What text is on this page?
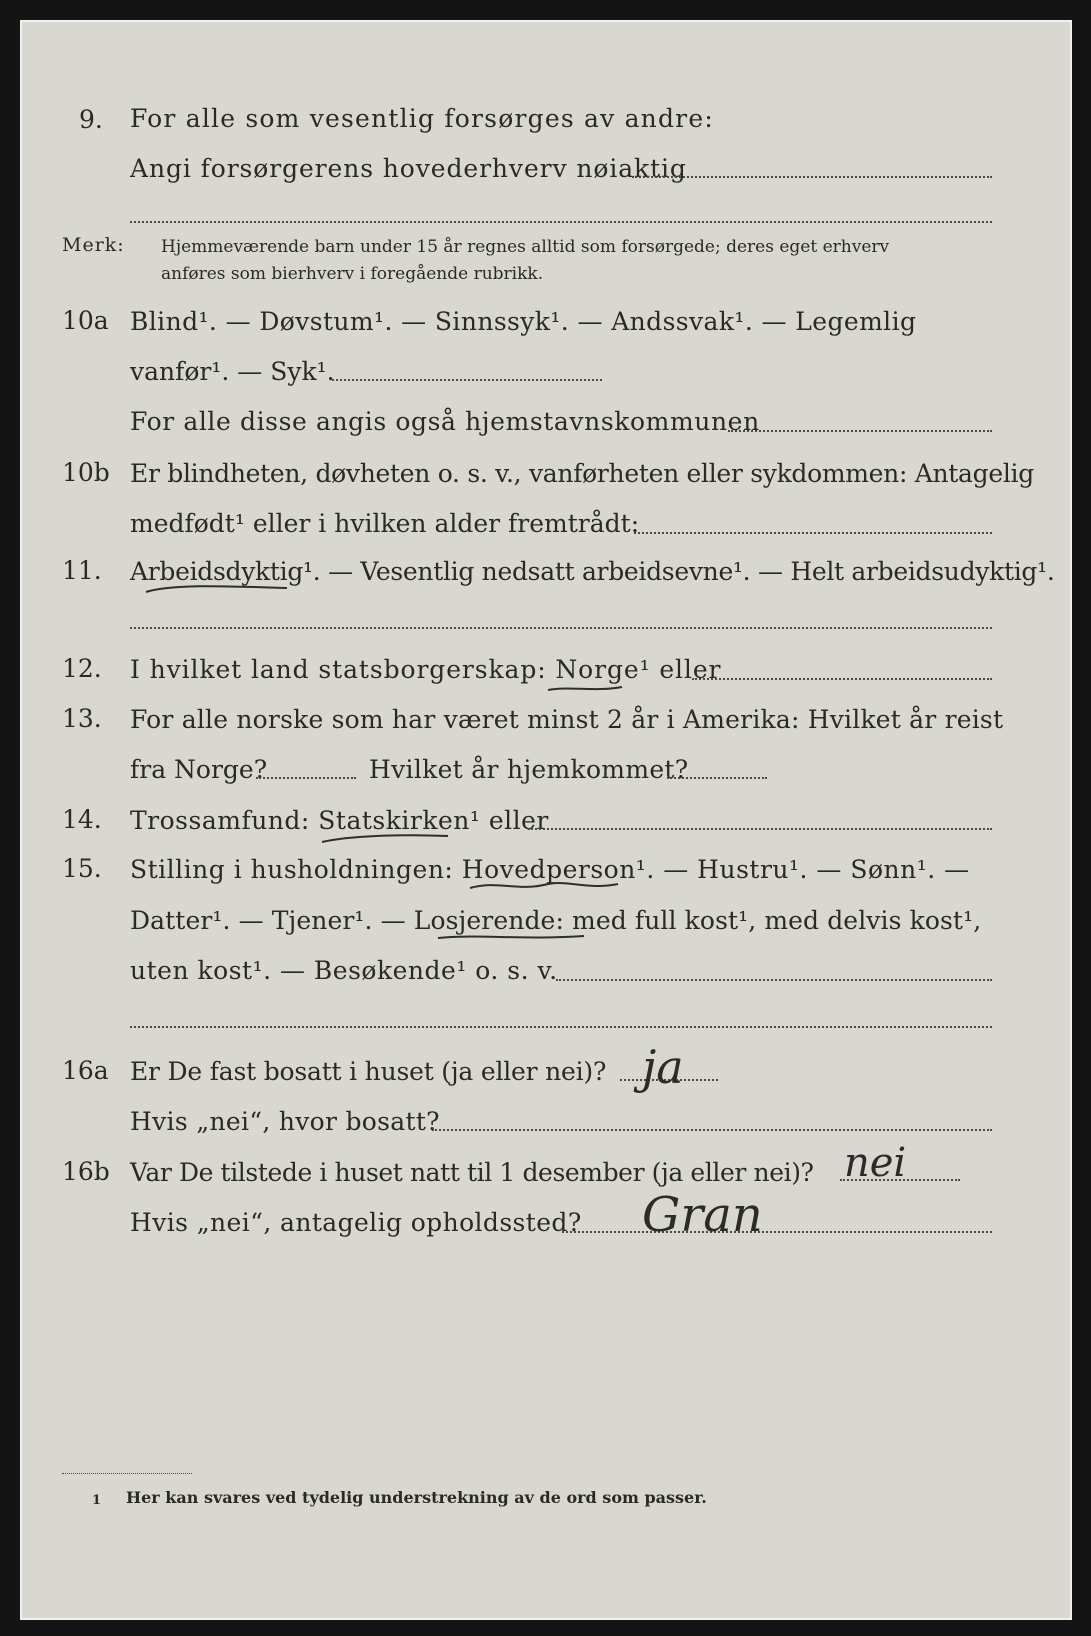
9. For alle som vesentlig forsørges av andre:
Angi forsørgerens hovederhverv nøiaktig
Merk: Hjemmeværende barn under 15 år regnes alltid som forsørgede; deres eget erhverv
anføres som bierhverv i foregående rubrikk.
10a Blind¹. — Døvstum¹. — Sinnssyk¹. — Andssvak¹. — Legemlig
vanfør¹. — Syk¹.
For alle disse angis også hjemstavnskommunen
10b Er blindheten, døvheten o. s. v., vanførheten eller sykdommen: Antagelig
medfødt¹ eller i hvilken alder fremtrådt:
11. Arbeidsdyktig¹. — Vesentlig nedsatt arbeidsevne¹. — Helt arbeidsudyktig¹.
12. I hvilket land statsborgerskap: Norge¹ eller
13. For alle norske som har været minst 2 år i Amerika: Hvilket år reist
fra Norge?	Hvilket år hjemkommet?
14. Trossamfund: Statskirken¹ eller
15. Stilling i husholdningen: Hovedperson¹. — Hustru¹. — Sønn¹. —
Datter¹. — Tjener¹. — Losjerende: med full kost¹, med delvis kost¹,
uten kost¹. — Besøkende¹ o. s. v.
16a Er De fast bosatt i huset (ja eller nei)? ja
Hvis „nei“, hvor bosatt?
16b Var De tilstede i huset natt til 1 desember (ja eller nei)? nei
Hvis „nei“, antagelig opholdssted? Gran
1 Her kan svares ved tydelig understrekning av de ord som passer.
